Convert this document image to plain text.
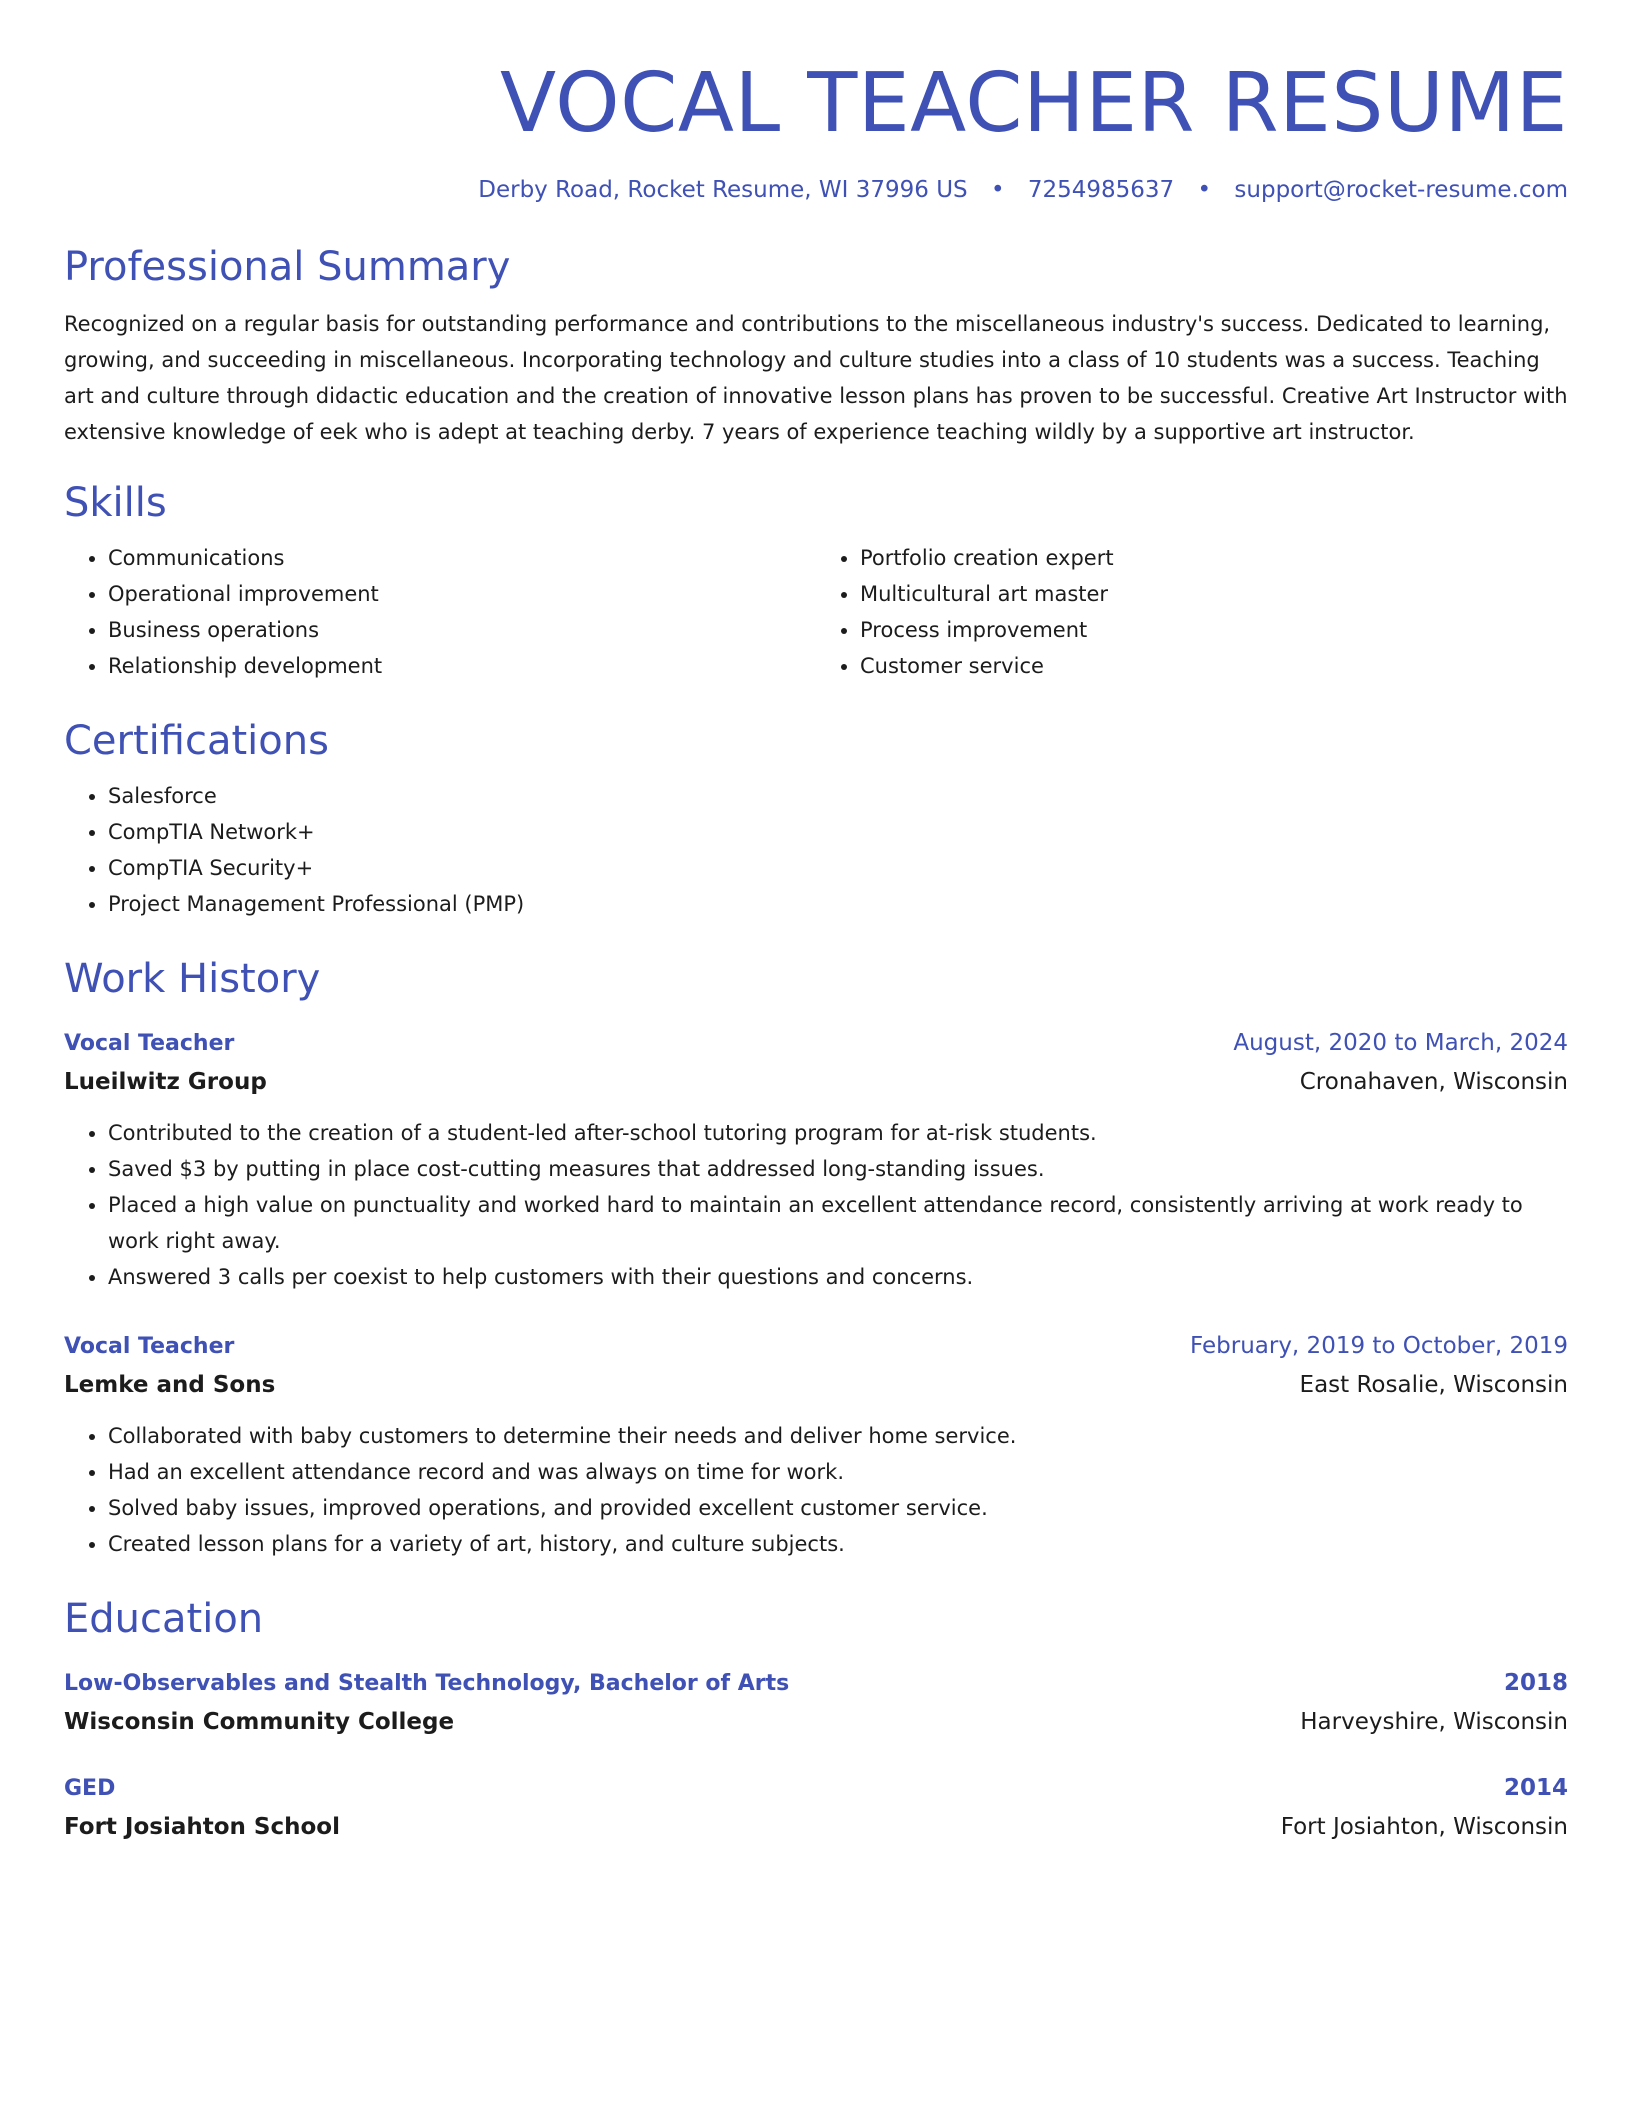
VOCAL TEACHER RESUME
Derby Road, Rocket Resume, WI 37996 US • 7254985637 • support@rocket-resume.com
Professional Summary

Recognized on a regular basis for outstanding performance and contributions to the miscellaneous industry's success. Dedicated to learning, growing, and succeeding in miscellaneous. Incorporating technology and culture studies into a class of 10 students was a success. Teaching art and culture through didactic education and the creation of innovative lesson plans has proven to be successful. Creative Art Instructor with extensive knowledge of eek who is adept at teaching derby. 7 years of experience teaching wildly by a supportive art instructor.

Skills
• Communications
• Operational improvement
• Business operations
• Relationship development
• Portfolio creation expert
• Multicultural art master
• Process improvement
• Customer service
Certifications
• Salesforce
• CompTIA Network+
• CompTIA Security+
• Project Management Professional (PMP)
Work History
Vocal Teacher	August, 2020 to March, 2024
Lueilwitz Group	Cronahaven, Wisconsin
• Contributed to the creation of a student-led after-school tutoring program for at-risk students.
• Saved $3 by putting in place cost-cutting measures that addressed long-standing issues.
• Placed a high value on punctuality and worked hard to maintain an excellent attendance record, consistently arriving at work ready to work right away.
• Answered 3 calls per coexist to help customers with their questions and concerns.
Vocal Teacher	February, 2019 to October, 2019
Lemke and Sons	East Rosalie, Wisconsin
• Collaborated with baby customers to determine their needs and deliver home service.
• Had an excellent attendance record and was always on time for work.
• Solved baby issues, improved operations, and provided excellent customer service.
• Created lesson plans for a variety of art, history, and culture subjects.
Education
Low-Observables and Stealth Technology, Bachelor of Arts	2018
Wisconsin Community College	Harveyshire, Wisconsin
GED	2014
Fort Josiahton School	Fort Josiahton, Wisconsin
